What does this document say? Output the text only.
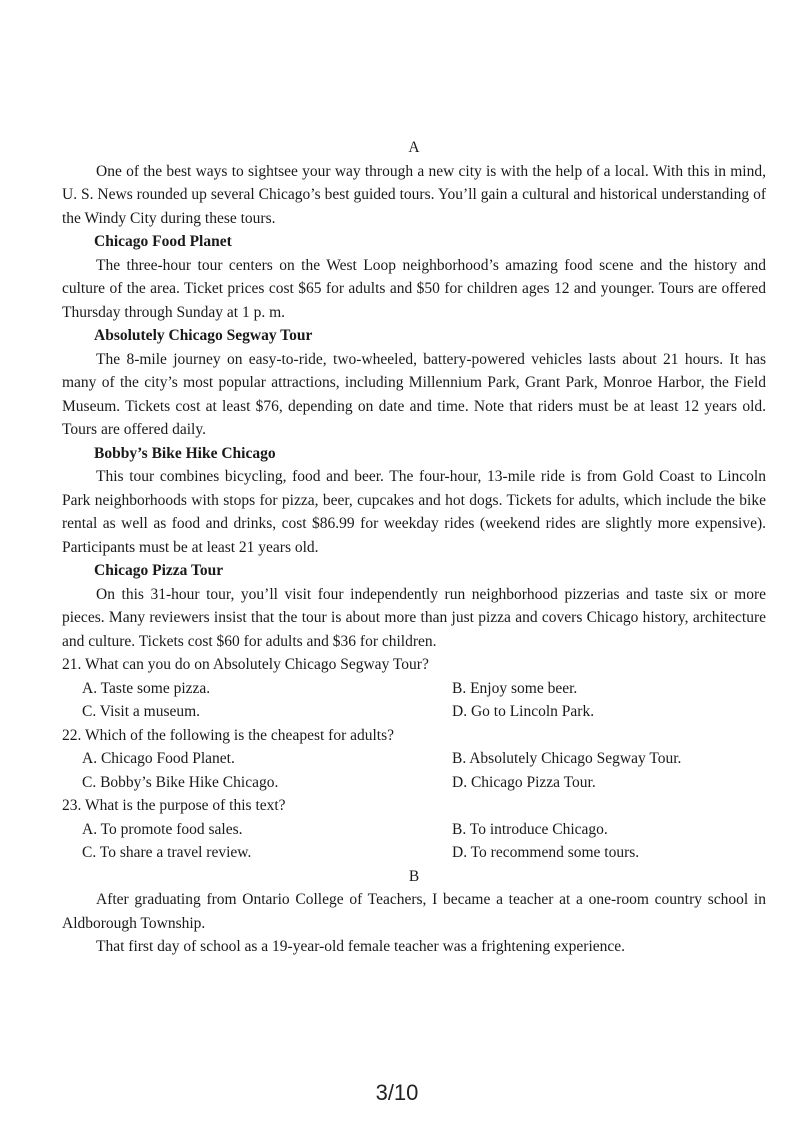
A

One of the best ways to sightsee your way through a new city is with the help of a local. With this in mind, U. S. News rounded up several Chicago’s best guided tours. You’ll gain a cultural and historical understanding of the Windy City during these tours.

Chicago Food Planet

The three-hour tour centers on the West Loop neighborhood’s amazing food scene and the history and culture of the area. Ticket prices cost $65 for adults and $50 for children ages 12 and younger. Tours are offered Thursday through Sunday at 1 p. m.

Absolutely Chicago Segway Tour

The 8-mile journey on easy-to-ride, two-wheeled, battery-powered vehicles lasts about 21 hours. It has many of the city’s most popular attractions, including Millennium Park, Grant Park, Monroe Harbor, the Field Museum. Tickets cost at least $76, depending on date and time. Note that riders must be at least 12 years old. Tours are offered daily.

Bobby’s Bike Hike Chicago

This tour combines bicycling, food and beer. The four-hour, 13-mile ride is from Gold Coast to Lincoln Park neighborhoods with stops for pizza, beer, cupcakes and hot dogs. Tickets for adults, which include the bike rental as well as food and drinks, cost $86.99 for weekday rides (weekend rides are slightly more expensive). Participants must be at least 21 years old.

Chicago Pizza Tour

On this 31-hour tour, you’ll visit four independently run neighborhood pizzerias and taste six or more pieces. Many reviewers insist that the tour is about more than just pizza and covers Chicago history, architecture and culture. Tickets cost $60 for adults and $36 for children.

21. What can you do on Absolutely Chicago Segway Tour?

A. Taste some pizza.	B. Enjoy some beer.
C. Visit a museum.	D. Go to Lincoln Park.

22. Which of the following is the cheapest for adults?

A. Chicago Food Planet.	B. Absolutely Chicago Segway Tour.
C. Bobby’s Bike Hike Chicago.	D. Chicago Pizza Tour.

23. What is the purpose of this text?

A. To promote food sales.	B. To introduce Chicago.
C. To share a travel review.	D. To recommend some tours.

B

After graduating from Ontario College of Teachers, I became a teacher at a one-room country school in Aldborough Township.

That first day of school as a 19-year-old female teacher was a frightening experience.

3/10
